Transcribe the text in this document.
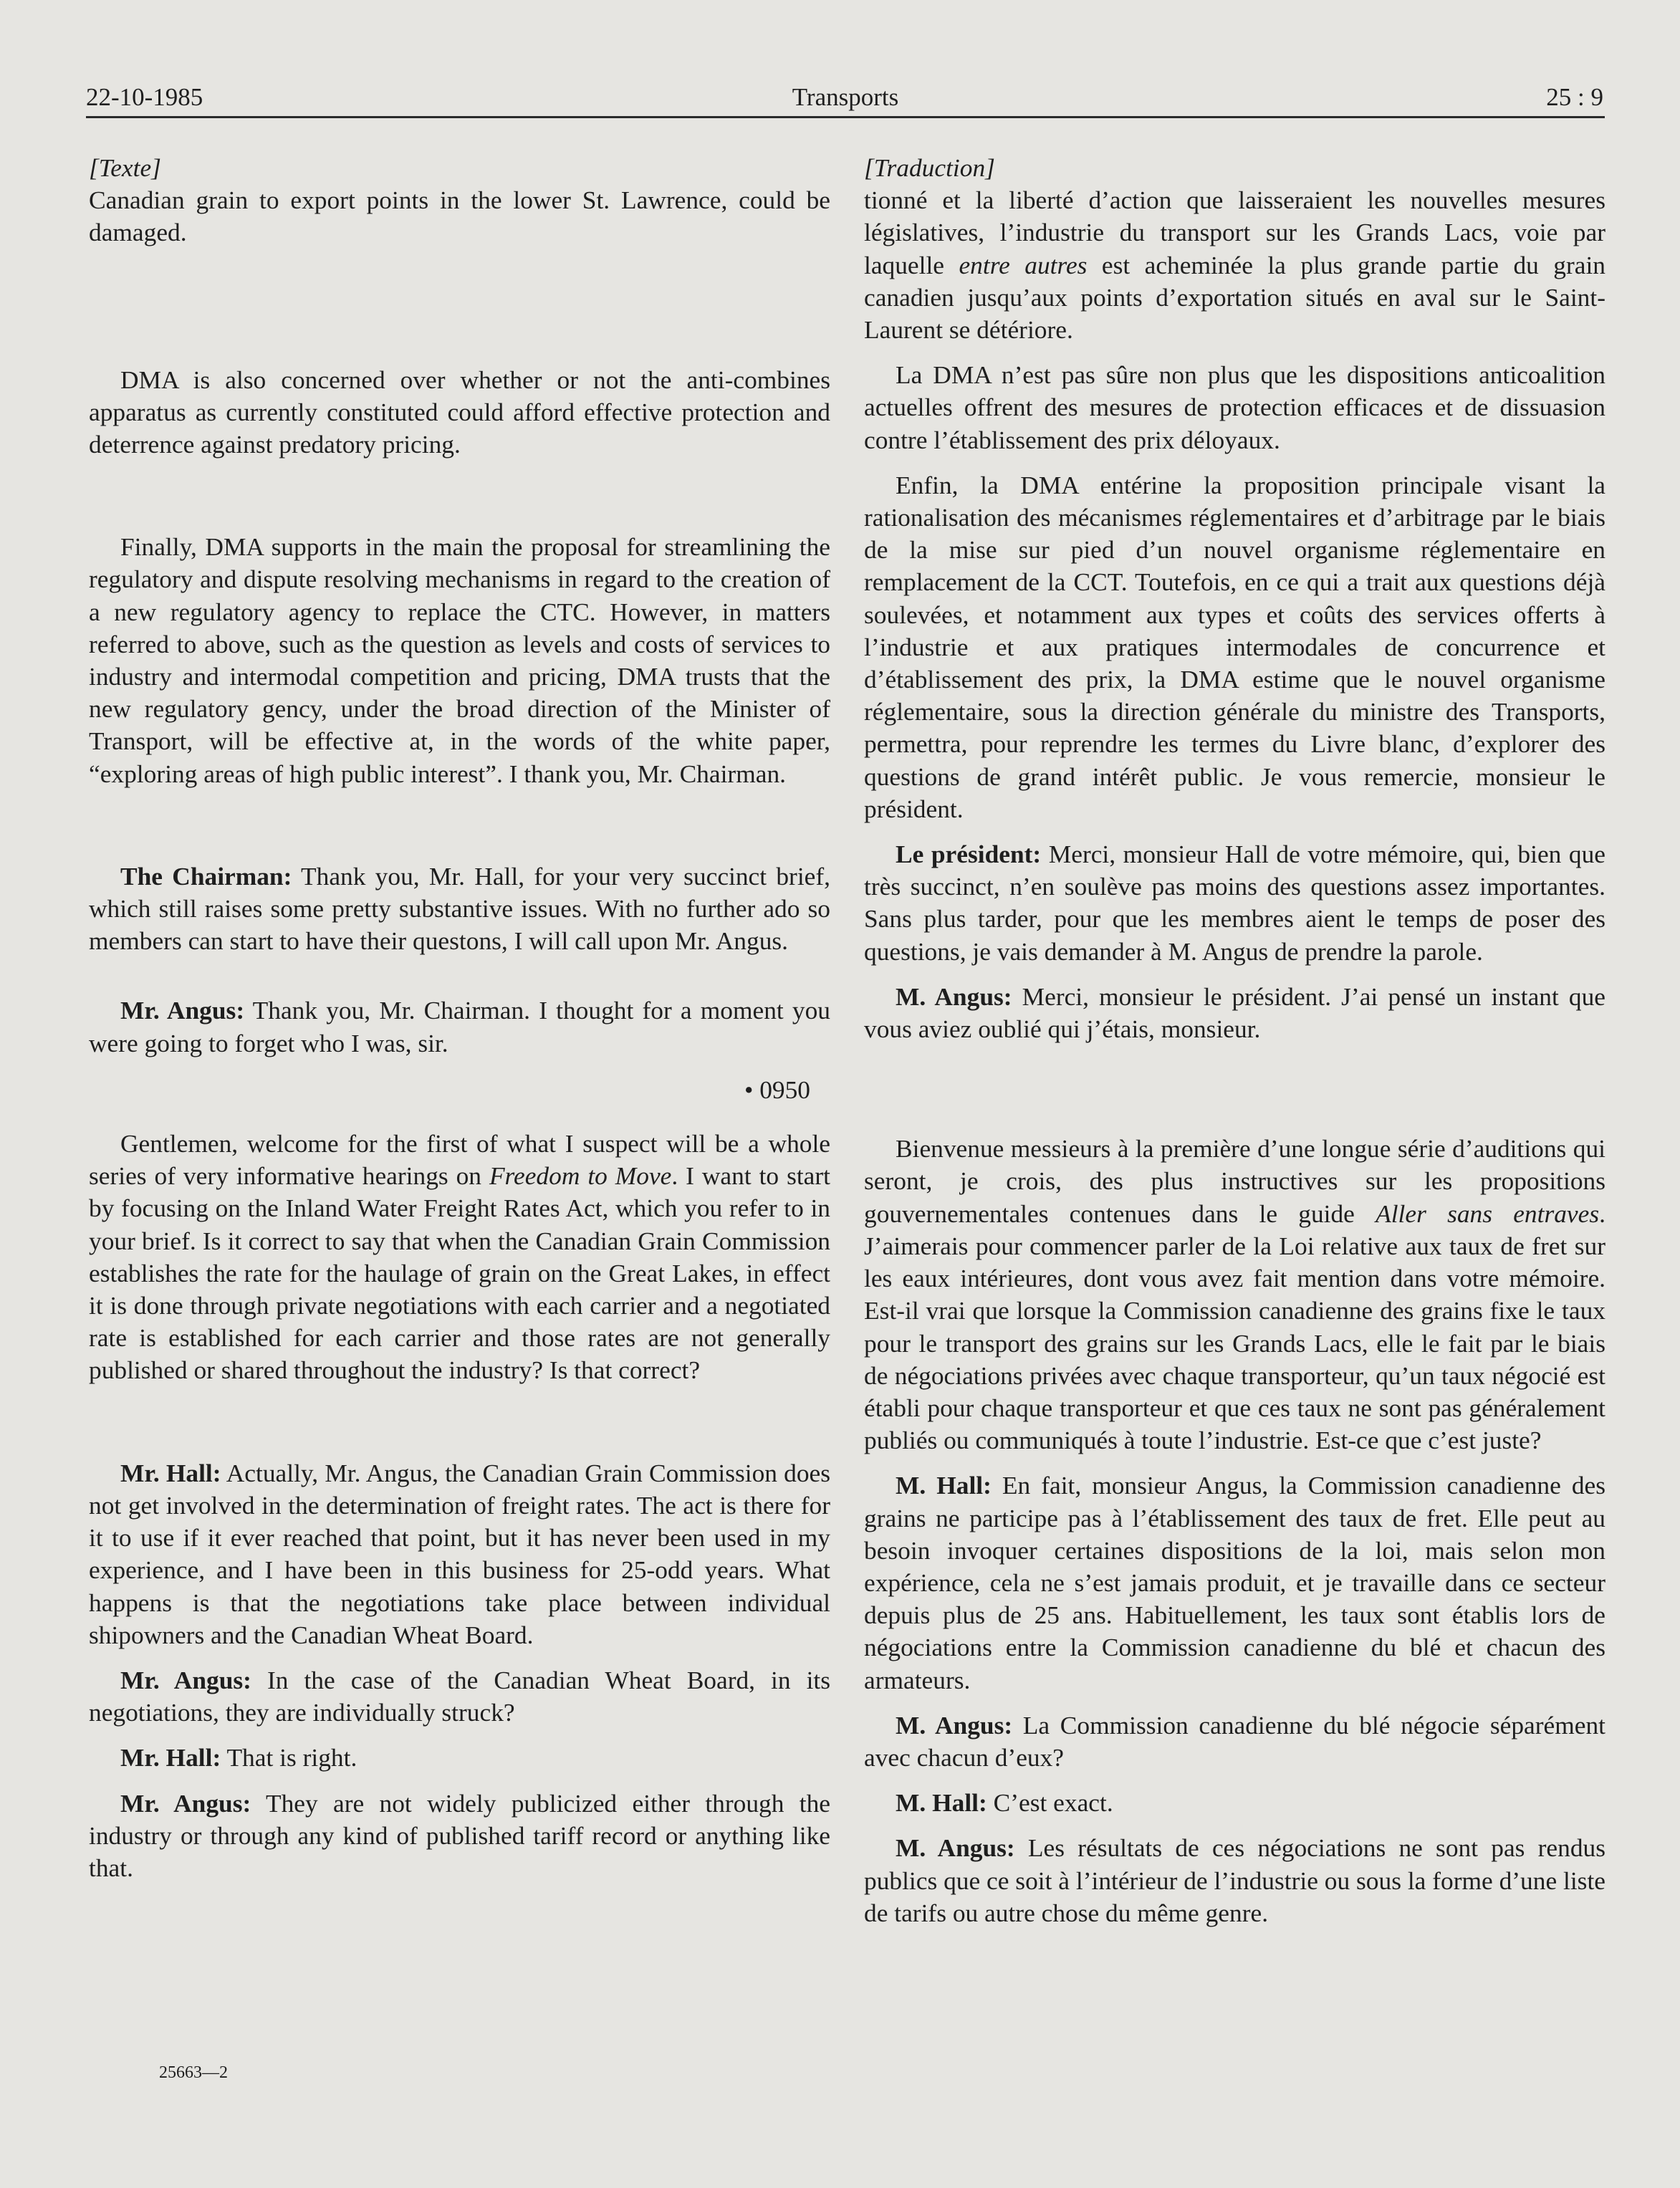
22-10-1985	Transports	25 : 9
[Texte]

Canadian grain to export points in the lower St. Lawrence, could be damaged.

DMA is also concerned over whether or not the anti-combines apparatus as currently constituted could afford effective protection and deterrence against predatory pricing.

Finally, DMA supports in the main the proposal for streamlining the regulatory and dispute resolving mechanisms in regard to the creation of a new regulatory agency to replace the CTC. However, in matters referred to above, such as the question as levels and costs of services to industry and intermodal competition and pricing, DMA trusts that the new regulatory gency, under the broad direction of the Minister of Transport, will be effective at, in the words of the white paper, “exploring areas of high public interest”. I thank you, Mr. Chairman.

The Chairman: Thank you, Mr. Hall, for your very succinct brief, which still raises some pretty substantive issues. With no further ado so members can start to have their questons, I will call upon Mr. Angus.

Mr. Angus: Thank you, Mr. Chairman. I thought for a moment you were going to forget who I was, sir.

• 0950

Gentlemen, welcome for the first of what I suspect will be a whole series of very informative hearings on Freedom to Move. I want to start by focusing on the Inland Water Freight Rates Act, which you refer to in your brief. Is it correct to say that when the Canadian Grain Commission establishes the rate for the haulage of grain on the Great Lakes, in effect it is done through private negotiations with each carrier and a negotiated rate is established for each carrier and those rates are not generally published or shared throughout the industry? Is that correct?

Mr. Hall: Actually, Mr. Angus, the Canadian Grain Commission does not get involved in the determination of freight rates. The act is there for it to use if it ever reached that point, but it has never been used in my experience, and I have been in this business for 25-odd years. What happens is that the negotiations take place between individual shipowners and the Canadian Wheat Board.

Mr. Angus: In the case of the Canadian Wheat Board, in its negotiations, they are individually struck?

Mr. Hall: That is right.

Mr. Angus: They are not widely publicized either through the industry or through any kind of published tariff record or anything like that.

[Traduction]

tionné et la liberté d’action que laisseraient les nouvelles mesures législatives, l’industrie du transport sur les Grands Lacs, voie par laquelle entre autres est acheminée la plus grande partie du grain canadien jusqu’aux points d’exportation situés en aval sur le Saint-Laurent se détériore.

La DMA n’est pas sûre non plus que les dispositions anticoalition actuelles offrent des mesures de protection efficaces et de dissuasion contre l’établissement des prix déloyaux.

Enfin, la DMA entérine la proposition principale visant la rationalisation des mécanismes réglementaires et d’arbitrage par le biais de la mise sur pied d’un nouvel organisme réglementaire en remplacement de la CCT. Toutefois, en ce qui a trait aux questions déjà soulevées, et notamment aux types et coûts des services offerts à l’industrie et aux pratiques intermodales de concurrence et d’établissement des prix, la DMA estime que le nouvel organisme réglementaire, sous la direction générale du ministre des Transports, permettra, pour reprendre les termes du Livre blanc, d’explorer des questions de grand intérêt public. Je vous remercie, monsieur le président.

Le président: Merci, monsieur Hall de votre mémoire, qui, bien que très succinct, n’en soulève pas moins des questions assez importantes. Sans plus tarder, pour que les membres aient le temps de poser des questions, je vais demander à M. Angus de prendre la parole.

M. Angus: Merci, monsieur le président. J’ai pensé un instant que vous aviez oublié qui j’étais, monsieur.

Bienvenue messieurs à la première d’une longue série d’auditions qui seront, je crois, des plus instructives sur les propositions gouvernementales contenues dans le guide Aller sans entraves. J’aimerais pour commencer parler de la Loi relative aux taux de fret sur les eaux intérieures, dont vous avez fait mention dans votre mémoire. Est-il vrai que lorsque la Commission canadienne des grains fixe le taux pour le transport des grains sur les Grands Lacs, elle le fait par le biais de négociations privées avec chaque transporteur, qu’un taux négocié est établi pour chaque transporteur et que ces taux ne sont pas généralement publiés ou communiqués à toute l’industrie. Est-ce que c’est juste?

M. Hall: En fait, monsieur Angus, la Commission canadienne des grains ne participe pas à l’établissement des taux de fret. Elle peut au besoin invoquer certaines dispositions de la loi, mais selon mon expérience, cela ne s’est jamais produit, et je travaille dans ce secteur depuis plus de 25 ans. Habituellement, les taux sont établis lors de négociations entre la Commission canadienne du blé et chacun des armateurs.

M. Angus: La Commission canadienne du blé négocie séparément avec chacun d’eux?

M. Hall: C’est exact.

M. Angus: Les résultats de ces négociations ne sont pas rendus publics que ce soit à l’intérieur de l’industrie ou sous la forme d’une liste de tarifs ou autre chose du même genre.

25663—2
